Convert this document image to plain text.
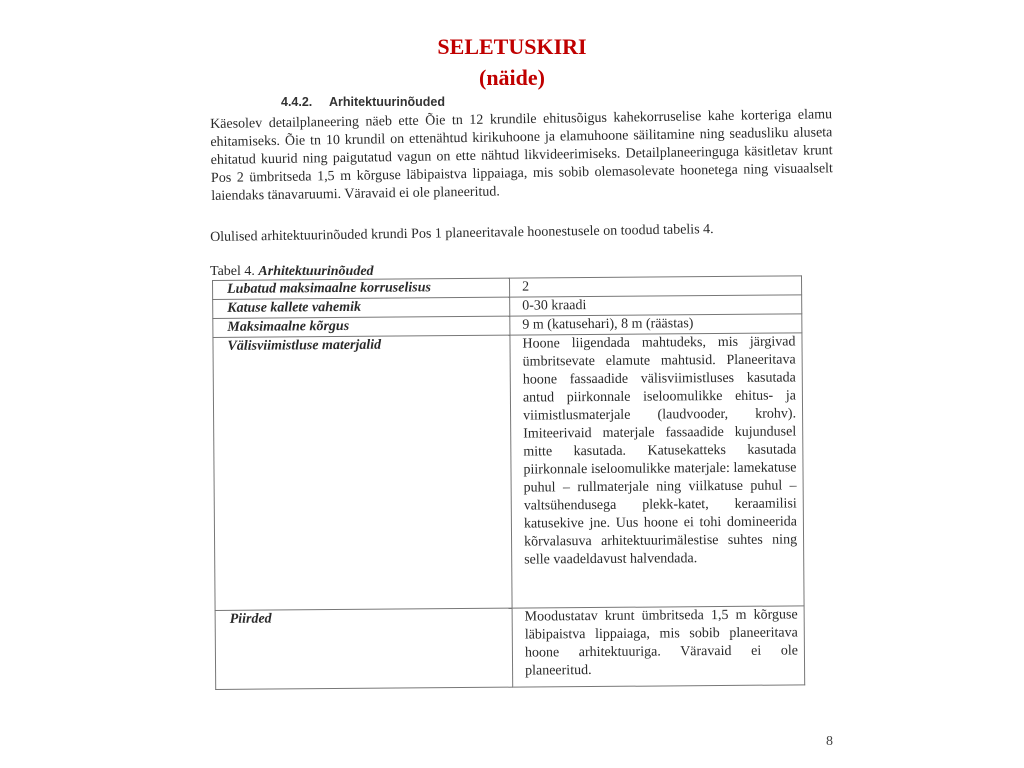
SELETUSKIRI
(näide)
4.4.2. Arhitektuurinõuded
Käesolev detailplaneering näeb ette Õie tn 12 krundile ehitusõigus kahekorruselise kahe korteriga elamu ehitamiseks. Õie tn 10 krundil on ettenähtud kirikuhoone ja elamuhoone säilitamine ning seadusliku aluseta ehitatud kuurid ning paigutatud vagun on ette nähtud likvideerimiseks. Detailplaneeringuga käsitletav krunt Pos 2 ümbritseda 1,5 m kõrguse läbipaistva lippaiaga, mis sobib olemasolevate hoonetega ning visuaalselt laiendaks tänavaruumi. Väravaid ei ole planeeritud.
Olulised arhitektuurinõuded krundi Pos 1 planeeritavale hoonestusele on toodud tabelis 4.
Tabel 4. Arhitektuurinõuded
Lubatud maksimaalne korruselisus	2
Katuse kallete vahemik	0-30 kraadi
Maksimaalne kõrgus	9 m (katusehari), 8 m (räästas)
Välisviimistluse materjalid	Hoone liigendada mahtudeks, mis järgivad ümbritsevate elamute mahtusid. Planeeritava hoone fassaadide välisviimistluses kasutada antud piirkonnale iseloomulikke ehitus- ja viimistlusmaterjale (laudvooder, krohv). Imiteerivaid materjale fassaadide kujundusel mitte kasutada. Katusekatteks kasutada piirkonnale iseloomulikke materjale: lamekatuse puhul – rullmaterjale ning viilkatuse puhul – valtsühendusega plekk-katet, keraamilisi katusekive jne. Uus hoone ei tohi domineerida kõrvalasuva arhitektuurimälestise suhtes ning selle vaadeldavust halvendada.
Piirded	Moodustatav krunt ümbritseda 1,5 m kõrguse läbipaistva lippaiaga, mis sobib planeeritava hoone arhitektuuriga. Väravaid ei ole planeeritud.
8
